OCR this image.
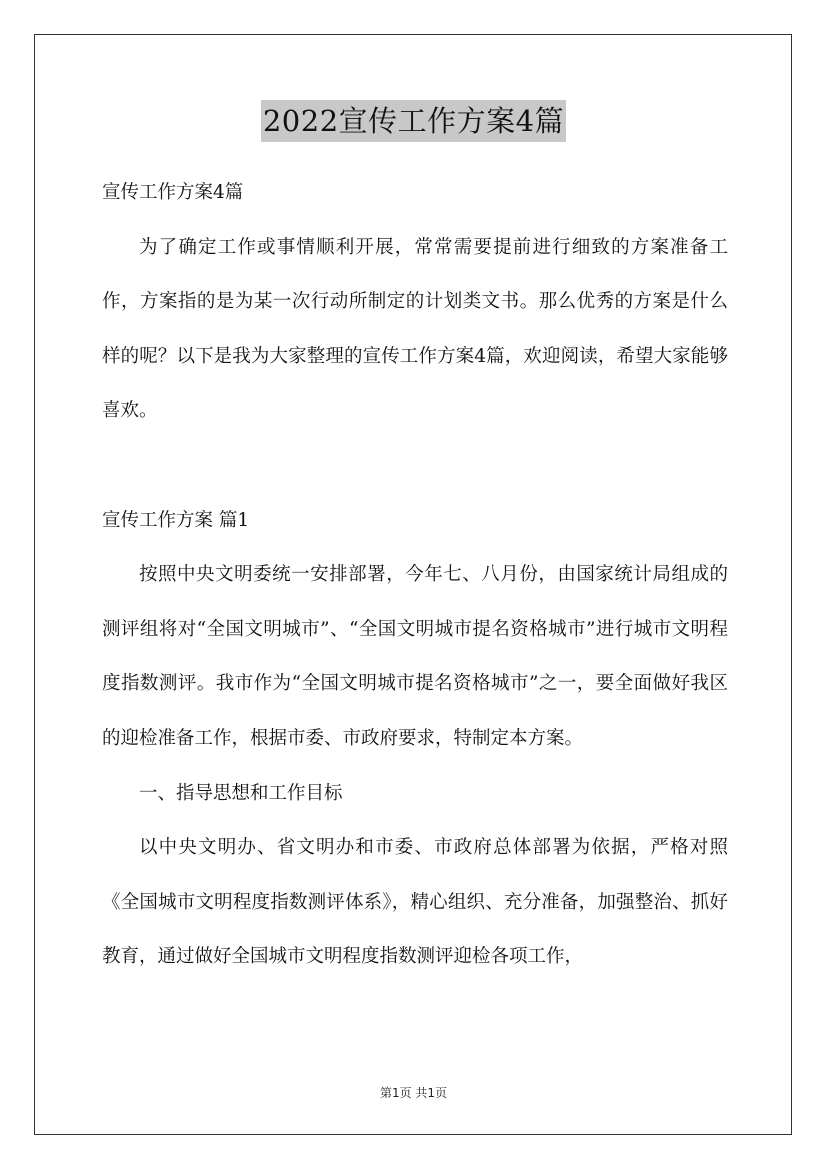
2022宣传工作方案4篇

宣传工作方案4篇

为了确定工作或事情顺利开展，常常需要提前进行细致的方案准备工作，方案指的是为某一次行动所制定的计划类文书。那么优秀的方案是什么样的呢？以下是我为大家整理的宣传工作方案4篇，欢迎阅读，希望大家能够喜欢。

宣传工作方案 篇1

按照中央文明委统一安排部署，今年七、八月份，由国家统计局组成的测评组将对“全国文明城市”、“全国文明城市提名资格城市”进行城市文明程度指数测评。我市作为“全国文明城市提名资格城市”之一，要全面做好我区的迎检准备工作，根据市委、市政府要求，特制定本方案。

一、指导思想和工作目标

以中央文明办、省文明办和市委、市政府总体部署为依据，严格对照《全国城市文明程度指数测评体系》，精心组织、充分准备，加强整治、抓好教育，通过做好全国城市文明程度指数测评迎检各项工作，

第1页 共1页
